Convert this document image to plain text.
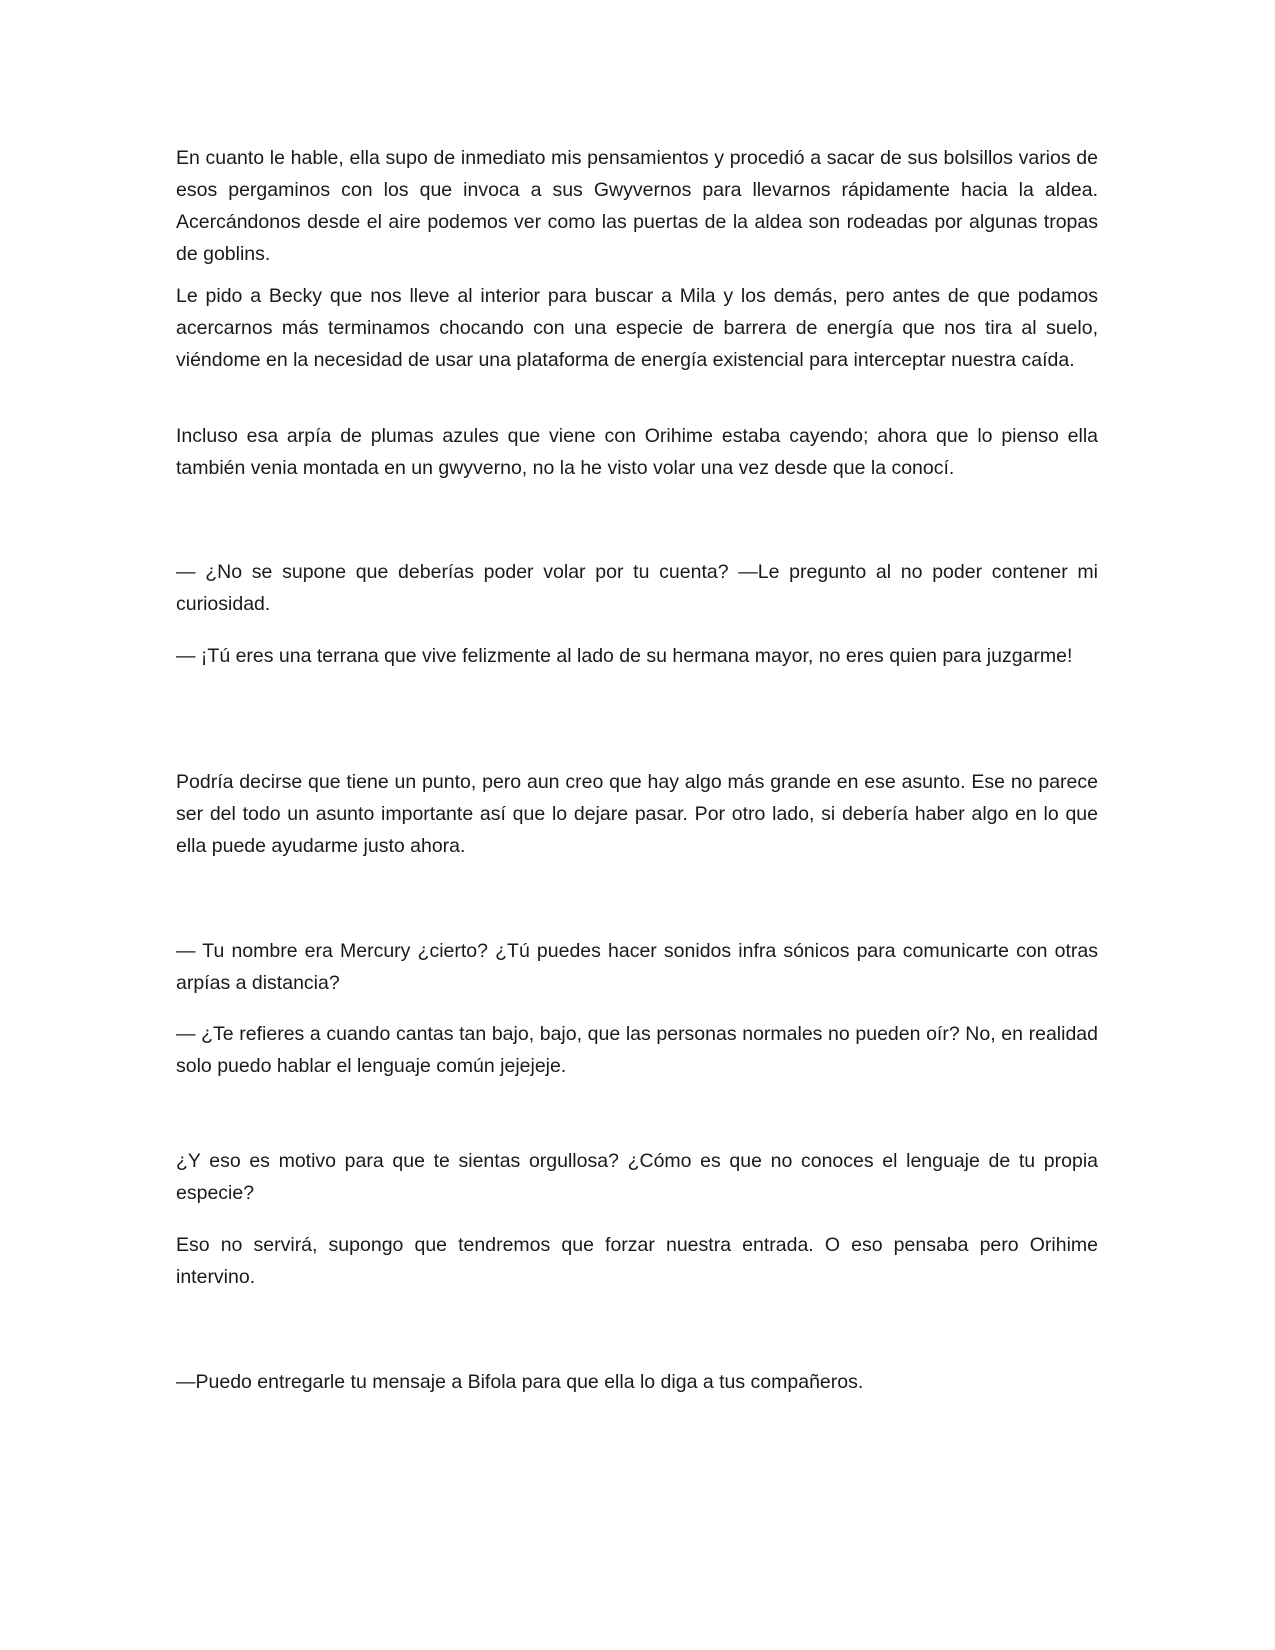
En cuanto le hable, ella supo de inmediato mis pensamientos y procedió a sacar de sus bolsillos varios de esos pergaminos con los que invoca a sus Gwyvernos para llevarnos rápidamente hacia la aldea. Acercándonos desde el aire podemos ver como las puertas de la aldea son rodeadas por algunas tropas de goblins.

Le pido a Becky que nos lleve al interior para buscar a Mila y los demás, pero antes de que podamos acercarnos más terminamos chocando con una especie de barrera de energía que nos tira al suelo, viéndome en la necesidad de usar una plataforma de energía existencial para interceptar nuestra caída.

Incluso esa arpía de plumas azules que viene con Orihime estaba cayendo; ahora que lo pienso ella también venia montada en un gwyverno, no la he visto volar una vez desde que la conocí.

— ¿No se supone que deberías poder volar por tu cuenta? —Le pregunto al no poder contener mi curiosidad.

— ¡Tú eres una terrana que vive felizmente al lado de su hermana mayor, no eres quien para juzgarme!

Podría decirse que tiene un punto, pero aun creo que hay algo más grande en ese asunto. Ese no parece ser del todo un asunto importante así que lo dejare pasar. Por otro lado, si debería haber algo en lo que ella puede ayudarme justo ahora.

— Tu nombre era Mercury ¿cierto? ¿Tú puedes hacer sonidos infra sónicos para comunicarte con otras arpías a distancia?

— ¿Te refieres a cuando cantas tan bajo, bajo, que las personas normales no pueden oír? No, en realidad solo puedo hablar el lenguaje común jejejeje.

¿Y eso es motivo para que te sientas orgullosa? ¿Cómo es que no conoces el lenguaje de tu propia especie?

Eso no servirá, supongo que tendremos que forzar nuestra entrada. O eso pensaba pero Orihime intervino.

—Puedo entregarle tu mensaje a Bifola para que ella lo diga a tus compañeros.
